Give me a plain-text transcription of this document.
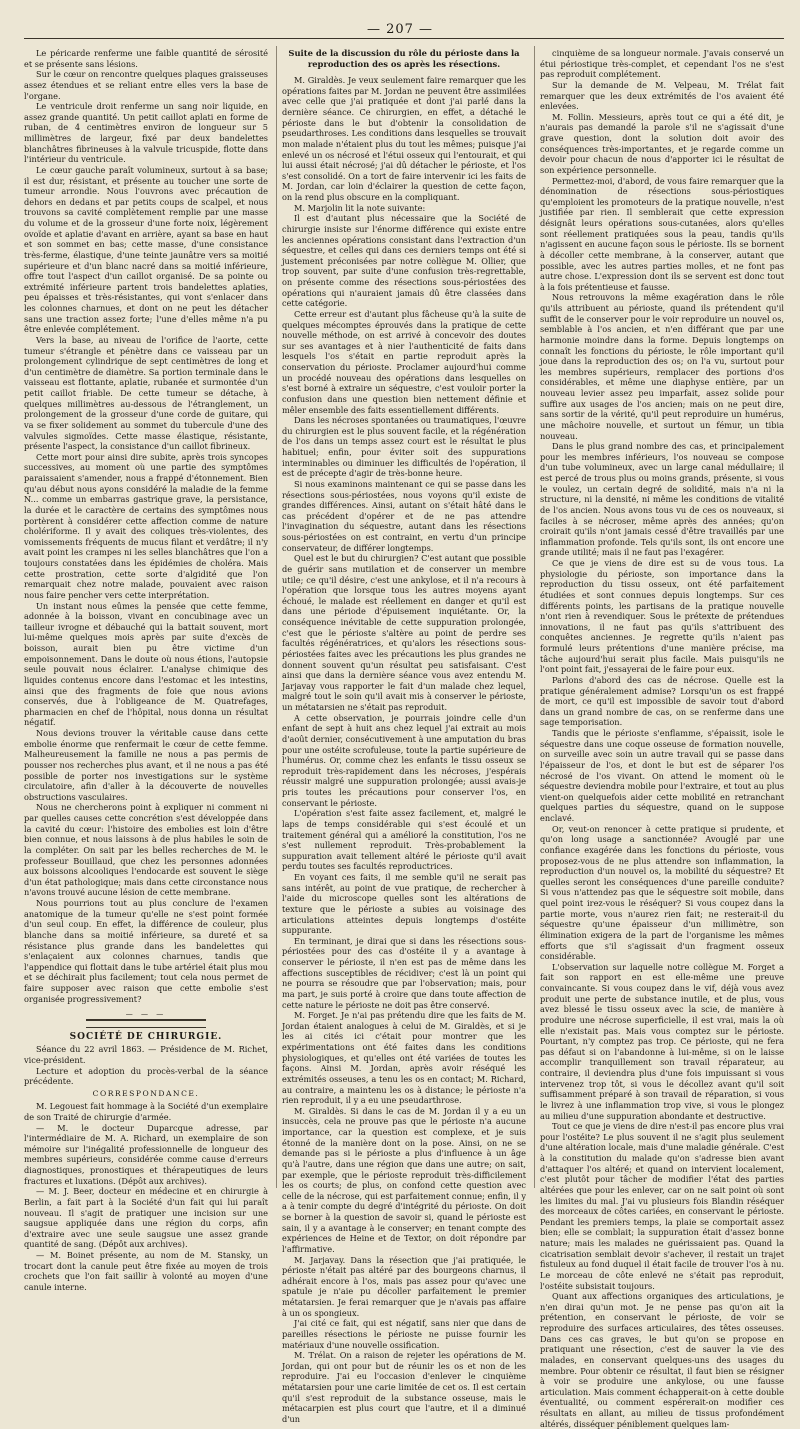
— 207 —

Le péricarde renferme une faible quantité de sérosité et se présente sans lésions.

Sur le cœur on rencontre quelques plaques graisseuses assez étendues et se reliant entre elles vers la base de l'organe.

Le ventricule droit renferme un sang noir liquide, en assez grande quantité. Un petit caillot aplati en forme de ruban, de 4 centimètres environ de longueur sur 5 millimètres de largeur, fixé par deux bandelettes blanchâtres fibrineuses à la valvule tricuspide, flotte dans l'intérieur du ventricule.

Le cœur gauche paraît volumineux, surtout à sa base; il est dur, résistant, et présente au toucher une sorte de tumeur arrondie. Nous l'ouvrons avec précaution de dehors en dedans et par petits coups de scalpel, et nous trouvons sa cavité complètement remplie par une masse du volume et de la grosseur d'une forte noix, légèrement ovoïde et aplatie d'avant en arrière, ayant sa base en haut et son sommet en bas; cette masse, d'une consistance très-ferme, élastique, d'une teinte jaunâtre vers sa moitié supérieure et d'un blanc nacré dans sa moitié inférieure, offre tout l'aspect d'un caillot organisé. De sa pointe ou extrémité inférieure partent trois bandelettes aplaties, peu épaisses et très-résistantes, qui vont s'enlacer dans les colonnes charnues, et dont on ne peut les détacher sans une traction assez forte; l'une d'elles même n'a pu être enlevée complétement.

Vers la base, au niveau de l'orifice de l'aorte, cette tumeur s'étrangle et pénètre dans ce vaisseau par un prolongement cylindrique de sept centimètres de long et d'un centimètre de diamètre. Sa portion terminale dans le vaisseau est flottante, aplatie, rubanée et surmontée d'un petit caillot friable. De cette tumeur se détache, à quelques millimètres au-dessous de l'étranglement, un prolongement de la grosseur d'une corde de guitare, qui va se fixer solidement au sommet du tubercule d'une des valvules sigmoïdes. Cette masse élastique, résistante, présente l'aspect, la consistance d'un caillot fibrineux.

Cette mort pour ainsi dire subite, après trois syncopes successives, au moment où une partie des symptômes paraissaient s'amender, nous a frappé d'étonnement. Bien qu'au début nous ayons considéré la maladie de la femme N... comme un embarras gastrique grave, la persistance, la durée et le caractère de certains des symptômes nous portèrent à considérer cette affection comme de nature cholériforme. Il y avait des coliques très-violentes, des vomissements fréquents de mucus filant et verdâtre; il n'y avait point les crampes ni les selles blanchâtres que l'on a toujours constatées dans les épidémies de choléra. Mais cette prostration, cette sorte d'algidité que l'on remarquait chez notre malade, pouvaient avec raison nous faire pencher vers cette interprétation.

Un instant nous eûmes la pensée que cette femme, adonnée à la boisson, vivant en concubinage avec un tailleur ivrogne et débauché qui la battait souvent, mort lui-même quelques mois après par suite d'excès de boisson, aurait bien pu être victime d'un empoisonnement. Dans le doute où nous étions, l'autopsie seule pouvait nous éclairer. L'analyse chimique des liquides contenus encore dans l'estomac et les intestins, ainsi que des fragments de foie que nous avions conservés, due à l'obligeance de M. Quatrefages, pharmacien en chef de l'hôpital, nous donna un résultat négatif.

Nous devions trouver la véritable cause dans cette embolie énorme que renfermait le cœur de cette femme. Malheureusement la famille ne nous a pas permis de pousser nos recherches plus avant, et il ne nous a pas été possible de porter nos investigations sur le système circulatoire, afin d'aller à la découverte de nouvelles obstructions vasculaires.

Nous ne chercherons point à expliquer ni comment ni par quelles causes cette concrétion s'est développée dans la cavité du cœur: l'histoire des embolies est loin d'être bien connue, et nous laissons à de plus habiles le soin de la compléter. On sait par les belles recherches de M. le professeur Bouillaud, que chez les personnes adonnées aux boissons alcooliques l'endocarde est souvent le siège d'un état pathologique; mais dans cette circonstance nous n'avons trouvé aucune lésion de cette membrane.

Nous pourrions tout au plus conclure de l'examen anatomique de la tumeur qu'elle ne s'est point formée d'un seul coup. En effet, la différence de couleur, plus blanche dans sa moitié inférieure, sa dureté et sa résistance plus grande dans les bandelettes qui s'enlaçaient aux colonnes charnues, tandis que l'appendice qui flottait dans le tube artériel était plus mou et se déchirait plus facilement; tout cela nous permet de faire supposer avec raison que cette embolie s'est organisée progressivement?

— — —
SOCIÉTÉ DE CHIRURGIE.

Séance du 22 avril 1863. — Présidence de M. Richet, vice-président.

Lecture et adoption du procès-verbal de la séance précédente.

CORRESPONDANCE.

M. Legouest fait hommage à la Société d'un exemplaire de son Traité de chirurgie d'armée.

— M. le docteur Duparcque adresse, par l'intermédiaire de M. A. Richard, un exemplaire de son mémoire sur l'inégalité professionnelle de longueur des membres supérieurs, considérée comme cause d'erreurs diagnostiques, pronostiques et thérapeutiques de leurs fractures et luxations. (Dépôt aux archives).

— M. J. Beer, docteur en médecine et en chirurgie à Berlin, a fait part à la Société d'un fait qui lui paraît nouveau. Il s'agit de pratiquer une incision sur une saugsue appliquée dans une région du corps, afin d'extraire avec une seule saugsue une assez grande quantité de sang. (Dépôt aux archives).

— M. Boinet présente, au nom de M. Stansky, un trocart dont la canule peut être fixée au moyen de trois crochets que l'on fait saillir à volonté au moyen d'une canule interne.

Suite de la discussion du rôle du périoste dans la reproduction des os après les résections.

M. Giraldès. Je veux seulement faire remarquer que les opérations faites par M. Jordan ne peuvent être assimilées avec celle que j'ai pratiquée et dont j'ai parlé dans la dernière séance. Ce chirurgien, en effet, a détaché le périoste dans le but d'obtenir la consolidation de pseudarthroses. Les conditions dans lesquelles se trouvait mon malade n'étaient plus du tout les mêmes; puisque j'ai enlevé un os nécrosé et l'étui osseux qui l'entourait, et qui lui aussi était nécrosé; j'ai dû détacher le périoste, et l'os s'est consolidé. On a tort de faire intervenir ici les faits de M. Jordan, car loin d'éclairer la question de cette façon, on la rend plus obscure en la compliquant.

M. Marjolin lit la note suivante:

Il est d'autant plus nécessaire que la Société de chirurgie insiste sur l'énorme différence qui existe entre les anciennes opérations consistant dans l'extraction d'un séquestre, et celles qui dans ces derniers temps ont été si justement préconisées par notre collègue M. Ollier, que trop souvent, par suite d'une confusion très-regrettable, on présente comme des résections sous-périostées des opérations qui n'auraient jamais dû être classées dans cette catégorie.

Cette erreur est d'autant plus fâcheuse qu'à la suite de quelques mécomptes éprouvés dans la pratique de cette nouvelle méthode, on est arrivé à concevoir des doutes sur ses avantages et à nier l'authenticité de faits dans lesquels l'os s'était en partie reproduit après la conservation du périoste. Proclamer aujourd'hui comme un procédé nouveau des opérations dans lesquelles on s'est borné à extraire un séquestre, c'est vouloir porter la confusion dans une question bien nettement définie et mêler ensemble des faits essentiellement différents.

Dans les nécroses spontanées ou traumatiques, l'œuvre du chirurgien est le plus souvent facile, et la régénération de l'os dans un temps assez court est le résultat le plus habituel; enfin, pour éviter soit des suppurations interminables ou diminuer les difficultés de l'opération, il est de précepte d'agir de très-bonne heure.

Si nous examinons maintenant ce qui se passe dans les résections sous-périostées, nous voyons qu'il existe de grandes différences. Ainsi, autant on s'était hâté dans le cas précédent d'opérer et de ne pas attendre l'invagination du séquestre, autant dans les résections sous-périostées on est contraint, en vertu d'un principe conservateur, de différer longtemps.

Quel est le but du chirurgien? C'est autant que possible de guérir sans mutilation et de conserver un membre utile; ce qu'il désire, c'est une ankylose, et il n'a recours à l'opération que lorsque tous les autres moyens ayant échoué, le malade est réellement en danger et qu'il est dans une période d'épuisement inquiétante. Or, la conséquence inévitable de cette suppuration prolongée, c'est que le périoste s'altère au point de perdre ses facultés régénératrices, et qu'alors les résections sous-périostées faites avec les précautions les plus grandes ne donnent souvent qu'un résultat peu satisfaisant. C'est ainsi que dans la dernière séance vous avez entendu M. Jarjavay vous rapporter le fait d'un malade chez lequel, malgré tout le soin qu'il avait mis à conserver le périoste, un métatarsien ne s'était pas reproduit.

A cette observation, je pourrais joindre celle d'un enfant de sept à huit ans chez lequel j'ai extrait au mois d'août dernier, consécutivement à une amputation du bras pour une ostéite scrofuleuse, toute la partie supérieure de l'humérus. Or, comme chez les enfants le tissu osseux se reproduit très-rapidement dans les nécroses, j'espérais réussir malgré une suppuration prolongée; aussi avais-je pris toutes les précautions pour conserver l'os, en conservant le périoste.

L'opération s'est faite assez facilement, et, malgré le laps de temps considérable qui s'est écoulé et un traitement général qui a amélioré la constitution, l'os ne s'est nullement reproduit. Très-probablement la suppuration avait tellement altéré le périoste qu'il avait perdu toutes ses facultés reproductrices.

En voyant ces faits, il me semble qu'il ne serait pas sans intérêt, au point de vue pratique, de rechercher à l'aide du microscope quelles sont les altérations de texture que le périoste a subies au voisinage des articulations atteintes depuis longtemps d'ostéite suppurante.

En terminant, je dirai que si dans les résections sous-périostées pour des cas d'ostéite il y a avantage à conserver le périoste, il n'en est pas de même dans les affections susceptibles de récidiver; c'est là un point qui ne pourra se résoudre que par l'observation; mais, pour ma part, je suis porté à croire que dans toute affection de cette nature le périoste ne doit pas être conservé.

M. Forget. Je n'ai pas prétendu dire que les faits de M. Jordan étaient analogues à celui de M. Giraldès, et si je les ai cités ici c'était pour montrer que les expérimentations ont été faites dans les conditions physiologiques, et qu'elles ont été variées de toutes les façons. Ainsi M. Jordan, après avoir réséqué les extrémités osseuses, a tenu les os en contact; M. Richard, au contraire, a maintenu les os à distance; le périoste n'a rien reproduit, il y a eu une pseudarthrose.

M. Giraldès. Si dans le cas de M. Jordan il y a eu un insuccès, cela ne prouve pas que le périoste n'a aucune importance, car la question est complexe, et je suis étonné de la manière dont on la pose. Ainsi, on ne se demande pas si le périoste a plus d'influence à un âge qu'à l'autre, dans une région que dans une autre; on sait, par exemple, que le périoste reproduit très-difficilement les os courts; de plus, on confond cette question avec celle de la nécrose, qui est parfaitement connue; enfin, il y a à tenir compte du degré d'intégrité du périoste. On doit se borner à la question de savoir si, quand le périoste est sain, il y a avantage à le conserver; en tenant compte des expériences de Heine et de Textor, on doit répondre par l'affirmative.

M. Jarjavay. Dans la résection que j'ai pratiquée, le périoste n'était pas altéré par des bourgeons charnus, il adhérait encore à l'os, mais pas assez pour qu'avec une spatule je n'aie pu décoller parfaitement le premier métatarsien. Je ferai remarquer que je n'avais pas affaire à un os spongieux.

J'ai cité ce fait, qui est négatif, sans nier que dans de pareilles résections le périoste ne puisse fournir les matériaux d'une nouvelle ossification.

M. Trélat. On a raison de rejeter les opérations de M. Jordan, qui ont pour but de réunir les os et non de les reproduire. J'ai eu l'occasion d'enlever le cinquième métatarsien pour une carie limitée de cet os. Il est certain qu'il s'est reproduit de la substance osseuse, mais le métacarpien est plus court que l'autre, et il a diminué d'un

cinquième de sa longueur normale. J'avais conservé un étui périostique très-complet, et cependant l'os ne s'est pas reproduit complétement.

Sur la demande de M. Velpeau, M. Trélat fait remarquer que les deux extrémités de l'os avaient été enlevées.

M. Follin. Messieurs, après tout ce qui a été dit, je n'aurais pas demandé la parole s'il ne s'agissait d'une grave question, dont la solution doit avoir des conséquences très-importantes, et je regarde comme un devoir pour chacun de nous d'apporter ici le résultat de son expérience personnelle.

Permettez-moi, d'abord, de vous faire remarquer que la dénomination de résections sous-périostiques qu'emploient les promoteurs de la pratique nouvelle, n'est justifiée par rien. Il semblerait que cette expression désignât leurs opérations sous-cutanées, alors qu'elles sont réellement pratiquées sous la peau, tandis qu'ils n'agissent en aucune façon sous le périoste. Ils se bornent à décoller cette membrane, à la conserver, autant que possible, avec les autres parties molles, et ne font pas autre chose. L'expression dont ils se servent est donc tout à la fois prétentieuse et fausse.

Nous retrouvons la même exagération dans le rôle qu'ils attribuent au périoste, quand ils prétendent qu'il suffit de le conserver pour le voir reproduire un nouvel os, semblable à l'os ancien, et n'en différant que par une harmonie moindre dans la forme. Depuis longtemps on connaît les fonctions du périoste, le rôle important qu'il joue dans la reproduction des os; on l'a vu, surtout pour les membres supérieurs, remplacer des portions d'os considérables, et même une diaphyse entière, par un nouveau levier assez peu imparfait, assez solide pour suffire aux usages de l'os ancien; mais on ne peut dire, sans sortir de la vérité, qu'il peut reproduire un humérus, une mâchoire nouvelle, et surtout un fémur, un tibia nouveau.

Dans le plus grand nombre des cas, et principalement pour les membres inférieurs, l'os nouveau se compose d'un tube volumineux, avec un large canal médullaire; il est percé de trous plus ou moins grands, présente, si vous le voulez, un certain degré de solidité, mais n'a ni la structure, ni la densité, ni même les conditions de vitalité de l'os ancien. Nous avons tous vu de ces os nouveaux, si faciles à se nécroser, même après des années; qu'on croirait qu'ils n'ont jamais cessé d'être travaillés par une inflammation profonde. Tels qu'ils sont, ils ont encore une grande utilité; mais il ne faut pas l'exagérer.

Ce que je viens de dire est su de vous tous. La physiologie du périoste, son importance dans la reproduction du tissu osseux, ont été parfaitement étudiées et sont connues depuis longtemps. Sur ces différents points, les partisans de la pratique nouvelle n'ont rien à revendiquer. Sous le prétexte de prétendues innovations, il ne faut pas qu'ils s'attribuent des conquêtes anciennes. Je regrette qu'ils n'aient pas formulé leurs prétentions d'une manière précise, ma tâche aujourd'hui serait plus facile. Mais puisqu'ils ne l'ont point fait, j'essayerai de le faire pour eux.

Parlons d'abord des cas de nécrose. Quelle est la pratique généralement admise? Lorsqu'un os est frappé de mort, ce qu'il est impossible de savoir tout d'abord dans un grand nombre de cas, on se renferme dans une sage temporisation.

Tandis que le périoste s'enflamme, s'épaissit, isole le séquestre dans une coque osseuse de formation nouvelle, on surveille avec soin un autre travail qui se passe dans l'épaisseur de l'os, et dont le but est de séparer l'os nécrosé de l'os vivant. On attend le moment où le séquestre deviendra mobile pour l'extraire, et tout au plus vient-on quelquefois aider cette mobilité en retranchant quelques parties du séquestre, quand on le suppose enclavé.

Or, veut-on renoncer à cette pratique si prudente, et qu'on long usage a sanctionnée? Avouglé par une confiance exagérée dans les fonctions du périoste, vous proposez-vous de ne plus attendre son inflammation, la reproduction d'un nouvel os, la mobilité du séquestre? Et quelles seront les conséquences d'une pareille conduite? Si vous n'attendez pas que le séquestre soit mobile, dans quel point irez-vous le réséquer? Si vous coupez dans la partie morte, vous n'aurez rien fait; ne resterait-il du séquestre qu'une épaisseur d'un millimètre, son élimination exigera de la part de l'organisme les mêmes efforts que s'il s'agissait d'un fragment osseux considérable.

L'observation sur laquelle notre collègue M. Forget a fait son rapport en est elle-même une preuve convaincante. Si vous coupez dans le vif, déjà vous avez produit une perte de substance inutile, et de plus, vous avez blessé le tissu osseux avec la scie, de manière à produire une nécrose superficielle, il est vrai, mais la où elle n'existait pas. Mais vous comptez sur le périoste. Pourtant, n'y comptez pas trop. Ce périoste, qui ne fera pas défaut si on l'abandonne à lui-même, si on le laisse accomplir tranquillement son travail réparateur, au contraire, il deviendra plus d'une fois impuissant si vous intervenez trop tôt, si vous le décollez avant qu'il soit suffisamment préparé à son travail de réparation, si vous le livrez à une inflammation trop vive, si vous le plongez au milieu d'une suppuration abondante et destructive.

Tout ce que je viens de dire n'est-il pas encore plus vrai pour l'ostéite? Le plus souvent il ne s'agit plus seulement d'une altération locale, mais d'une maladie générale. C'est à la constitution du malade qu'on s'adresse bien avant d'attaquer l'os altéré; et quand on intervient localement, c'est plutôt pour tâcher de modifier l'état des parties altérées que pour les enlever, car on ne sait point où sont les limites du mal. J'ai vu plusieurs fois Blandin réséquer des morceaux de côtes cariées, en conservant le périoste. Pendant les premiers temps, la plaie se comportait assez bien; elle se comblait; la suppuration était d'assez bonne nature; mais les malades ne guérissaient pas. Quand la cicatrisation semblait devoir s'achever, il restait un trajet fistuleux au fond duquel il était facile de trouver l'os à nu. Le morceau de côte enlevé ne s'était pas reproduit, l'ostéite subsistait toujours.

Quant aux affections organiques des articulations, je n'en dirai qu'un mot. Je ne pense pas qu'on ait la prétention, en conservant le périoste, de voir se reproduire des surfaces articulaires, des têtes osseuses. Dans ces cas graves, le but qu'on se propose en pratiquant une résection, c'est de sauver la vie des malades, en conservant quelques-uns des usages du membre. Pour obtenir ce résultat, il faut bien se résigner à voir se produire une ankylose, ou une fausse articulation. Mais comment échapperait-on à cette double éventualité, ou comment espérerait-on modifier ces résultats en allant, au milieu de tissus profondément altérés, disséquer péniblement quelques lam-
